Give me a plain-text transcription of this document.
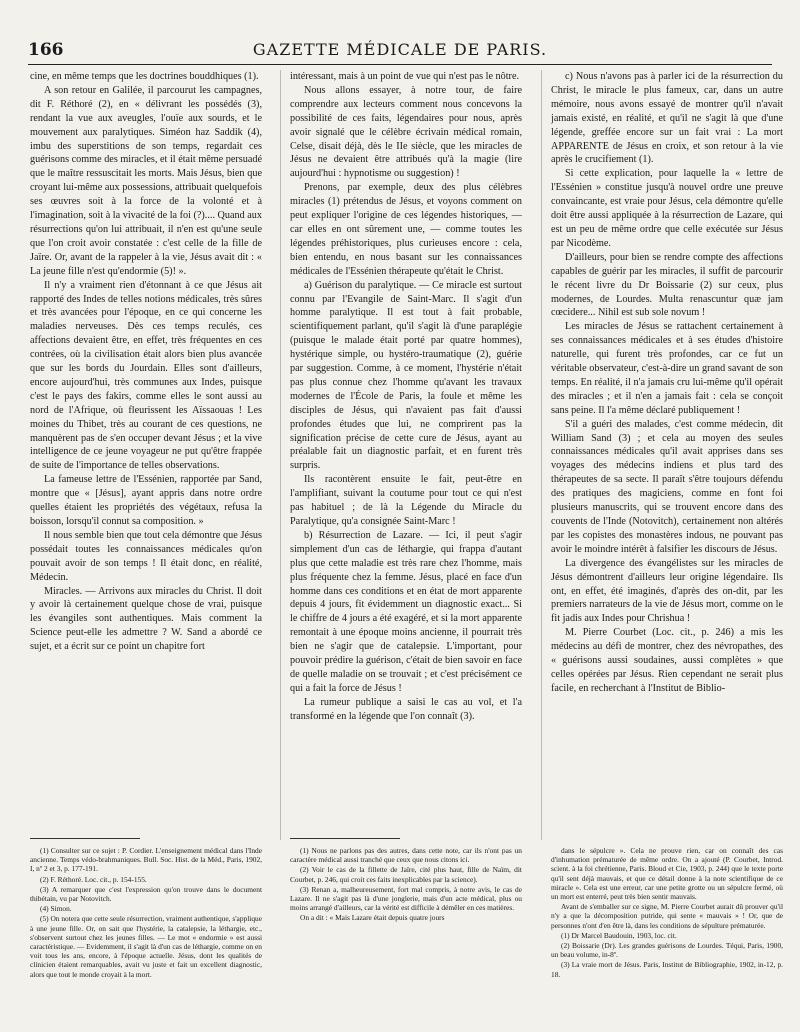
166	GAZETTE MÉDICALE DE PARIS.

cine, en même temps que les doctrines bouddhiques (1).

A son retour en Galilée, il parcourut les campagnes, dit F. Réthoré (2), en « délivrant les possédés (3), rendant la vue aux aveugles, l'ouïe aux sourds, et le mouvement aux paralytiques. Siméon haz Saddik (4), imbu des superstitions de son temps, regardait ces guérisons comme des miracles, et il était même persuadé que le maître ressuscitait les morts. Mais Jésus, bien que croyant lui-même aux possessions, attribuait quelquefois ses œuvres soit à la force de la volonté et à l'imagination, soit à la vivacité de la foi (?).... Quand aux résurrections qu'on lui attribuait, il n'en est qu'une seule que l'on croit avoir constatée : c'est celle de la fille de Jaïre. Or, avant de la rappeler à la vie, Jésus avait dit : « La jeune fille n'est qu'endormie (5)! ».

Il n'y a vraiment rien d'étonnant à ce que Jésus ait rapporté des Indes de telles notions médicales, très sûres et très avancées pour l'époque, en ce qui concerne les maladies nerveuses. Dès ces temps reculés, ces affections devaient être, en effet, très fréquentes en ces contrées, où la civilisation était alors bien plus avancée que sur les bords du Jourdain. Elles sont d'ailleurs, encore aujourd'hui, très communes aux Indes, puisque c'est le pays des fakirs, comme elles le sont aussi au nord de l'Afrique, où fleurissent les Aïssaouas ! Les moines du Thibet, très au courant de ces questions, ne manquèrent pas de s'en occuper devant Jésus ; et la vive intelligence de ce jeune voyageur ne put qu'être frappée de suite de l'importance de telles observations.

La fameuse lettre de l'Essénien, rapportée par Sand, montre que « [Jésus], ayant appris dans notre ordre quelles étaient les propriétés des végétaux, refusa la boisson, lorsqu'il connut sa composition. »

Il nous semble bien que tout cela démontre que Jésus possédait toutes les connaissances médicales qu'on pouvait avoir de son temps ! Il était donc, en réalité, Médecin.

Miracles. — Arrivons aux miracles du Christ. Il doit y avoir là certainement quelque chose de vrai, puisque les évangiles sont authentiques. Mais comment la Science peut-elle les admettre ? W. Sand a abordé ce sujet, et a écrit sur ce point un chapitre fort

intéressant, mais à un point de vue qui n'est pas le nôtre.

Nous allons essayer, à notre tour, de faire comprendre aux lecteurs comment nous concevons la possibilité de ces faits, légendaires pour nous, après avoir signalé que le célèbre écrivain médical romain, Celse, disait déjà, dès le IIe siècle, que les miracles de Jésus ne devaient être attribués qu'à la magie (lire aujourd'hui : hypnotisme ou suggestion) !

Prenons, par exemple, deux des plus célèbres miracles (1) prétendus de Jésus, et voyons comment on peut expliquer l'origine de ces légendes historiques, — car elles en ont sûrement une, — comme toutes les légendes préhistoriques, plus curieuses encore : cela, bien entendu, en nous basant sur les connaissances médicales de l'Essénien thérapeute qu'était le Christ.

a) Guérison du paralytique. — Ce miracle est surtout connu par l'Evangile de Saint-Marc. Il s'agit d'un homme paralytique. Il est tout à fait probable, scientifiquement parlant, qu'il s'agit là d'une paraplégie (puisque le malade était porté par quatre hommes), hystérique simple, ou hystéro-traumatique (2), guérie par suggestion. Comme, à ce moment, l'hystérie n'était pas plus connue chez l'homme qu'avant les travaux modernes de l'École de Paris, la foule et même les disciples de Jésus, qui n'avaient pas fait d'aussi profondes études que lui, ne comprirent pas la signification précise de cette cure de Jésus, ayant au préalable fait un diagnostic parfait, et en furent très surpris.

Ils racontèrent ensuite le fait, peut-être en l'amplifiant, suivant la coutume pour tout ce qui n'est pas habituel ; de là la Légende du Miracle du Paralytique, qu'a consignée Saint-Marc !

b) Résurrection de Lazare. — Ici, il peut s'agir simplement d'un cas de léthargie, qui frappa d'autant plus que cette maladie est très rare chez l'homme, mais plus fréquente chez la femme. Jésus, placé en face d'un homme dans ces conditions et en état de mort apparente depuis 4 jours, fit évidemment un diagnostic exact... Si le chiffre de 4 jours a été exagéré, et si la mort apparente remontait à une époque moins ancienne, il pourrait très bien ne s'agir que de catalepsie. L'important, pour pouvoir prédire la guérison, c'était de bien savoir en face de quelle maladie on se trouvait ; et c'est précisément ce qui a fait la force de Jésus !

La rumeur publique a saisi le cas au vol, et l'a transformé en la légende que l'on connaît (3).

c) Nous n'avons pas à parler ici de la résurrection du Christ, le miracle le plus fameux, car, dans un autre mémoire, nous avons essayé de montrer qu'il n'avait jamais existé, en réalité, et qu'il ne s'agit là que d'une légende, greffée encore sur un fait vrai : La mort APPARENTE de Jésus en croix, et son retour à la vie après le crucifiement (1).

Si cette explication, pour laquelle la « lettre de l'Essénien » constitue jusqu'à nouvel ordre une preuve convaincante, est vraie pour Jésus, cela démontre qu'elle doit être aussi appliquée à la résurrection de Lazare, qui est un peu de même ordre que celle exécutée sur Jésus par Nicodème.

D'ailleurs, pour bien se rendre compte des affections capables de guérir par les miracles, il suffit de parcourir le récent livre du Dr Boissarie (2) sur ceux, plus modernes, de Lourdes. Multa renascuntur quæ jam cœcidere... Nihil est sub sole novum !

Les miracles de Jésus se rattachent certainement à ses connaissances médicales et à ses études d'histoire naturelle, qui furent très profondes, car ce fut un véritable observateur, c'est-à-dire un grand savant de son temps. En réalité, il n'a jamais cru lui-même qu'il opérait des miracles ; et il n'en a jamais fait : cela se conçoit sans peine. Il l'a même déclaré publiquement !

S'il a guéri des malades, c'est comme médecin, dit William Sand (3) ; et cela au moyen des seules connaissances médicales qu'il avait apprises dans ses voyages des médecins indiens et plus tard des thérapeutes de sa secte. Il paraît s'être toujours défendu des pratiques des magiciens, comme en font foi plusieurs manuscrits, qui se trouvent encore dans des couvents de l'Inde (Notovitch), certainement non altérés par les copistes des monastères indous, ne pouvant pas avoir le moindre intérêt à falsifier les discours de Jésus.

La divergence des évangélistes sur les miracles de Jésus démontrent d'ailleurs leur origine légendaire. Ils ont, en effet, été imaginés, d'après des on-dit, par les premiers narrateurs de la vie de Jésus mort, comme on le fit jadis aux Indes pour Chrishua !

M. Pierre Courbet (Loc. cit., p. 246) a mis les médecins au défi de montrer, chez des névropathes, des « guérisons aussi soudaines, aussi complètes » que celles opérées par Jésus. Rien cependant ne serait plus facile, en recherchant à l'Institut de Biblio-

(1) Consulter sur ce sujet : P. Cordier. L'enseignement médical dans l'Inde ancienne. Temps védo-brahmaniques. Bull. Soc. Hist. de la Méd., Paris, 1902, I, nº 2 et 3, p. 177-191.

(2) F. Réthoré. Loc. cit., p. 154-155.

(3) A remarquer que c'est l'expression qu'on trouve dans le document thibétain, vu par Notovitch.

(4) Simon.

(5) On notera que cette seule résurrection, vraiment authentique, s'applique à une jeune fille. Or, on sait que l'hystérie, la catalepsie, la léthargie, etc., s'observent surtout chez les jeunes filles. — Le mot « endormie » est aussi caractéristique. — Evidemment, il s'agit là d'un cas de léthargie, comme on en voit tous les ans, encore, à l'époque actuelle. Jésus, dont les qualités de clinicien étaient remarquables, avait vu juste et fait un excellent diagnostic, alors que tout le monde croyait à la mort.

(1) Nous ne parlons pas des autres, dans cette note, car ils n'ont pas un caractère médical aussi tranché que ceux que nous citons ici.

(2) Voir le cas de la fillette de Jaïre, cité plus haut, fille de Naïm, dit Courbet, p. 246, qui croit ces faits inexplicables par la science).

(3) Renan a, malheureusement, fort mal compris, à notre avis, le cas de Lazare. Il ne s'agit pas là d'une jonglerie, mais d'un acte médical, plus ou moins arrangé d'ailleurs, car la vérité est difficile à démêler en ces matières.

On a dit : « Mais Lazare était depuis quatre jours

dans le sépulcre ». Cela ne prouve rien, car on connaît des cas d'inhumation prématurée de même ordre. On a ajouté (P. Courbet, Introd. scient. à la foi chrétienne, Paris. Bloud et Cie, 1903, p. 244) que le texte porte qu'il sent déjà mauvais, et que ce détail donne à la note scientifique de ce miracle ». Cela est une erreur, car une petite grotte ou un sépulcre fermé, où un mort est enterré, peut très bien sentir mauvais.

Avant de s'emballer sur ce signe, M. Pierre Courbet aurait dû prouver qu'il n'y a que la décomposition putride, qui sente « mauvais » ! Or, que de personnes n'ont d'en être là, dans les conditions de sépulture prématurée.

(1) Dr Marcel Baudouin, 1903, loc. cit.

(2) Boissarie (Dr). Les grandes guérisons de Lourdes. Téqui, Paris, 1900, un beau volume, in-8º.

(3) La vraie mort de Jésus. Paris, Institut de Bibliographie, 1902, in-12, p. 18.
